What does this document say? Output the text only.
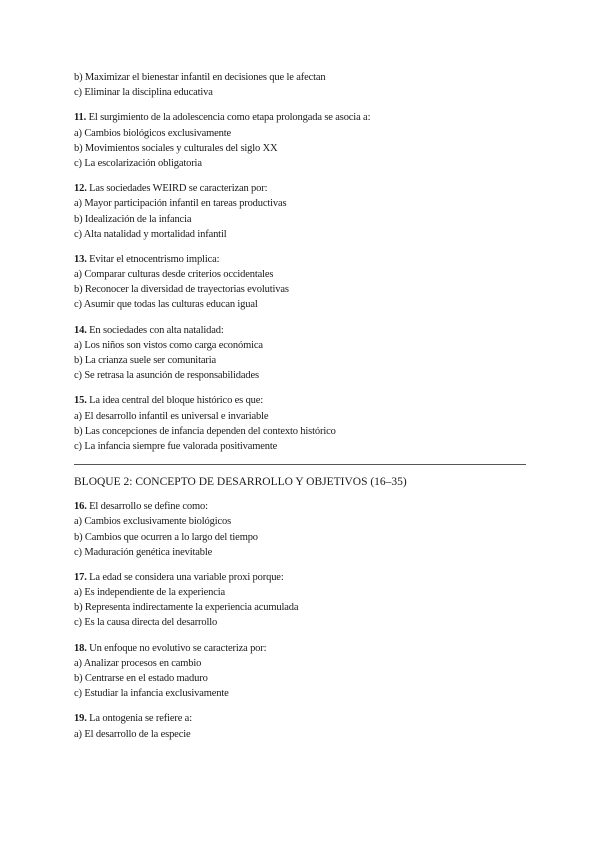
b) Maximizar el bienestar infantil en decisiones que le afectan
c) Eliminar la disciplina educativa
11. El surgimiento de la adolescencia como etapa prolongada se asocia a:
a) Cambios biológicos exclusivamente
b) Movimientos sociales y culturales del siglo XX
c) La escolarización obligatoria
12. Las sociedades WEIRD se caracterizan por:
a) Mayor participación infantil en tareas productivas
b) Idealización de la infancia
c) Alta natalidad y mortalidad infantil
13. Evitar el etnocentrismo implica:
a) Comparar culturas desde criterios occidentales
b) Reconocer la diversidad de trayectorias evolutivas
c) Asumir que todas las culturas educan igual
14. En sociedades con alta natalidad:
a) Los niños son vistos como carga económica
b) La crianza suele ser comunitaria
c) Se retrasa la asunción de responsabilidades
15. La idea central del bloque histórico es que:
a) El desarrollo infantil es universal e invariable
b) Las concepciones de infancia dependen del contexto histórico
c) La infancia siempre fue valorada positivamente
BLOQUE 2: CONCEPTO DE DESARROLLO Y OBJETIVOS (16–35)
16. El desarrollo se define como:
a) Cambios exclusivamente biológicos
b) Cambios que ocurren a lo largo del tiempo
c) Maduración genética inevitable
17. La edad se considera una variable proxi porque:
a) Es independiente de la experiencia
b) Representa indirectamente la experiencia acumulada
c) Es la causa directa del desarrollo
18. Un enfoque no evolutivo se caracteriza por:
a) Analizar procesos en cambio
b) Centrarse en el estado maduro
c) Estudiar la infancia exclusivamente
19. La ontogenia se refiere a:
a) El desarrollo de la especie
